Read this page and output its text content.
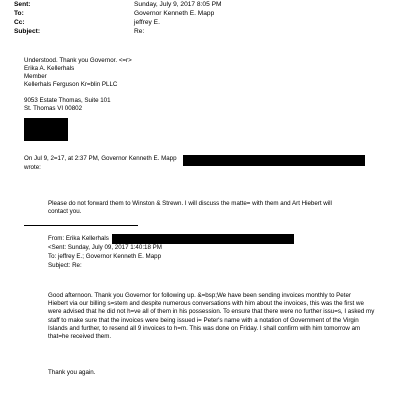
Sent:	Sunday, July 9, 2017 8:05 PM
To:	Governor Kenneth E. Mapp
Cc:	jeffrey E.
Subject:	Re:
Understood. Thank you Governor. <=r>
Erika A. Kellerhals
Member
Kellerhals Ferguson Kr=blin PLLC
9053 Estate Thomas, Suite 101
St. Thomas VI 00802
On Jul 9, 2=17, at 2:37 PM, Governor Kenneth E. Mapp
wrote:
Please do not forward them to Winston & Strewn. I will discuss the matte= with them and Art Hiebert will
contact you.
From: Erika Kellerhals
<Sent: Sunday, July 09, 2017 1:40:18 PM
To: jeffrey E.; Governor Kenneth E. Mapp
Subject: Re:
Good afternoon. Thank you Governor for following up. &=bsp;We have been sending invoices monthly to Peter
Hiebert via our billing s=stem and despite numerous conversations with him about the invoices, this was the first we
were advised that he did not h=ve all of them in his possession. To ensure that there were no further issu=s, I asked my
staff to make sure that the invoices were being issued i= Peter's name with a notation of Government of the Virgin
Islands and further, to resend all 9 invoices to h=m. This was done on Friday. I shall confirm with him tomorrow am
that=he received them.
Thank you again.
